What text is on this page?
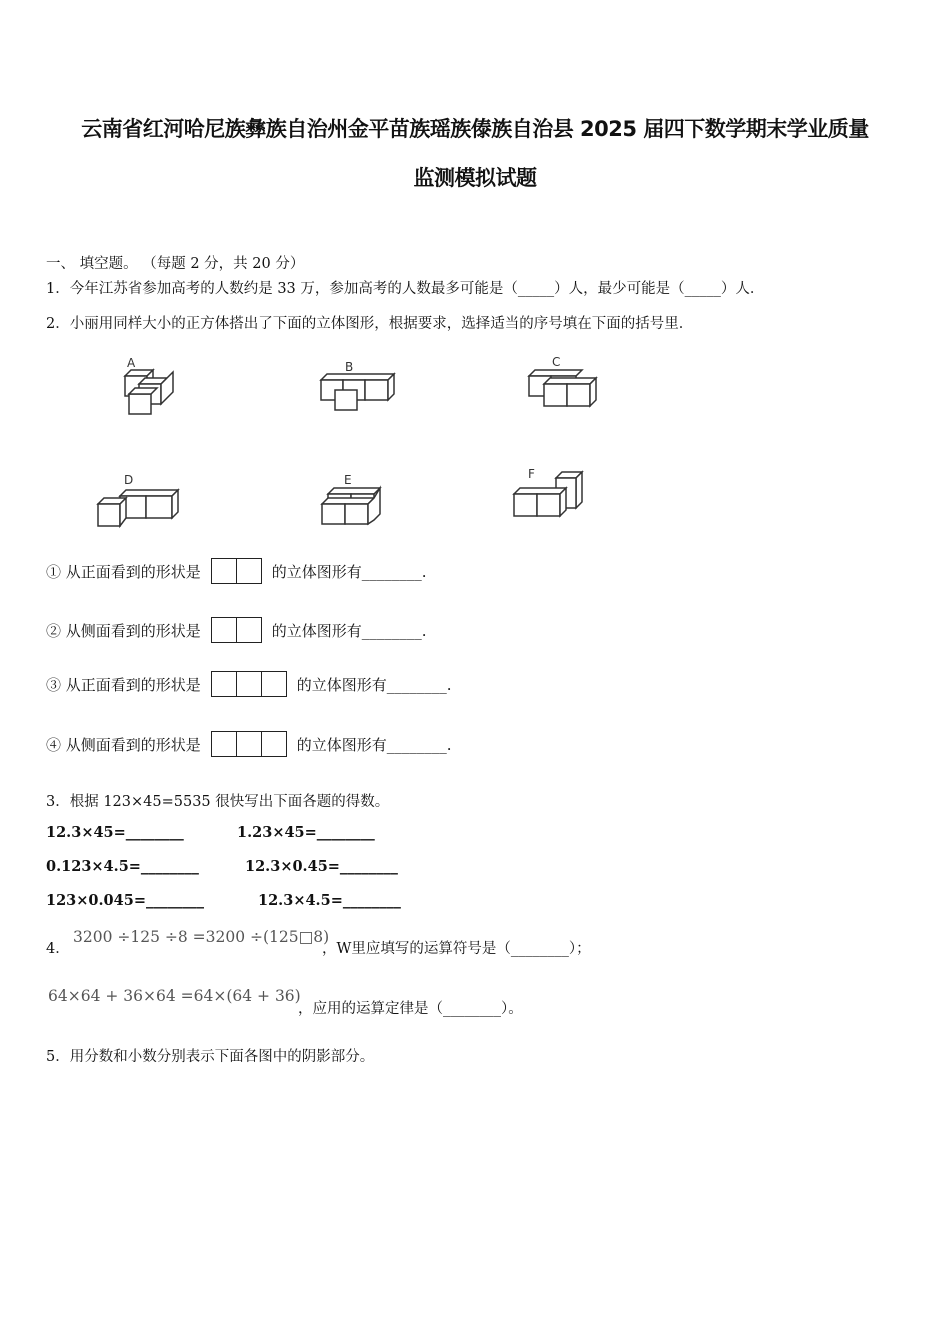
云南省红河哈尼族彝族自治州金平苗族瑶族傣族自治县 2025 届四下数学期末学业质量
监测模拟试题
一、 填空题。 （每题 2 分，共 20 分）
1．今年江苏省参加高考的人数约是 33 万，参加高考的人数最多可能是（_____）人，最少可能是（_____）人．
2．小丽用同样大小的正方体搭出了下面的立体图形，根据要求，选择适当的序号填在下面的括号里．
A	B	C
D	E	F
① 从正面看到的形状是	的立体图形有________.
② 从侧面看到的形状是	的立体图形有________.
③ 从正面看到的形状是	的立体图形有________.
④ 从侧面看到的形状是	的立体图形有________.
3．根据 123×45=5535 很快写出下面各题的得数。
12.3×45=________	1.23×45=________
0.123×4.5=________	12.3×0.45=________
123×0.045=________	12.3×4.5=________
4．
3200 ÷125 ÷8 =3200 ÷(125□8)
，W里应填写的运算符号是（________）；
64×64 + 36×64 =64×(64 + 36)
，应用的运算定律是（________）。
5．用分数和小数分别表示下面各图中的阴影部分。
